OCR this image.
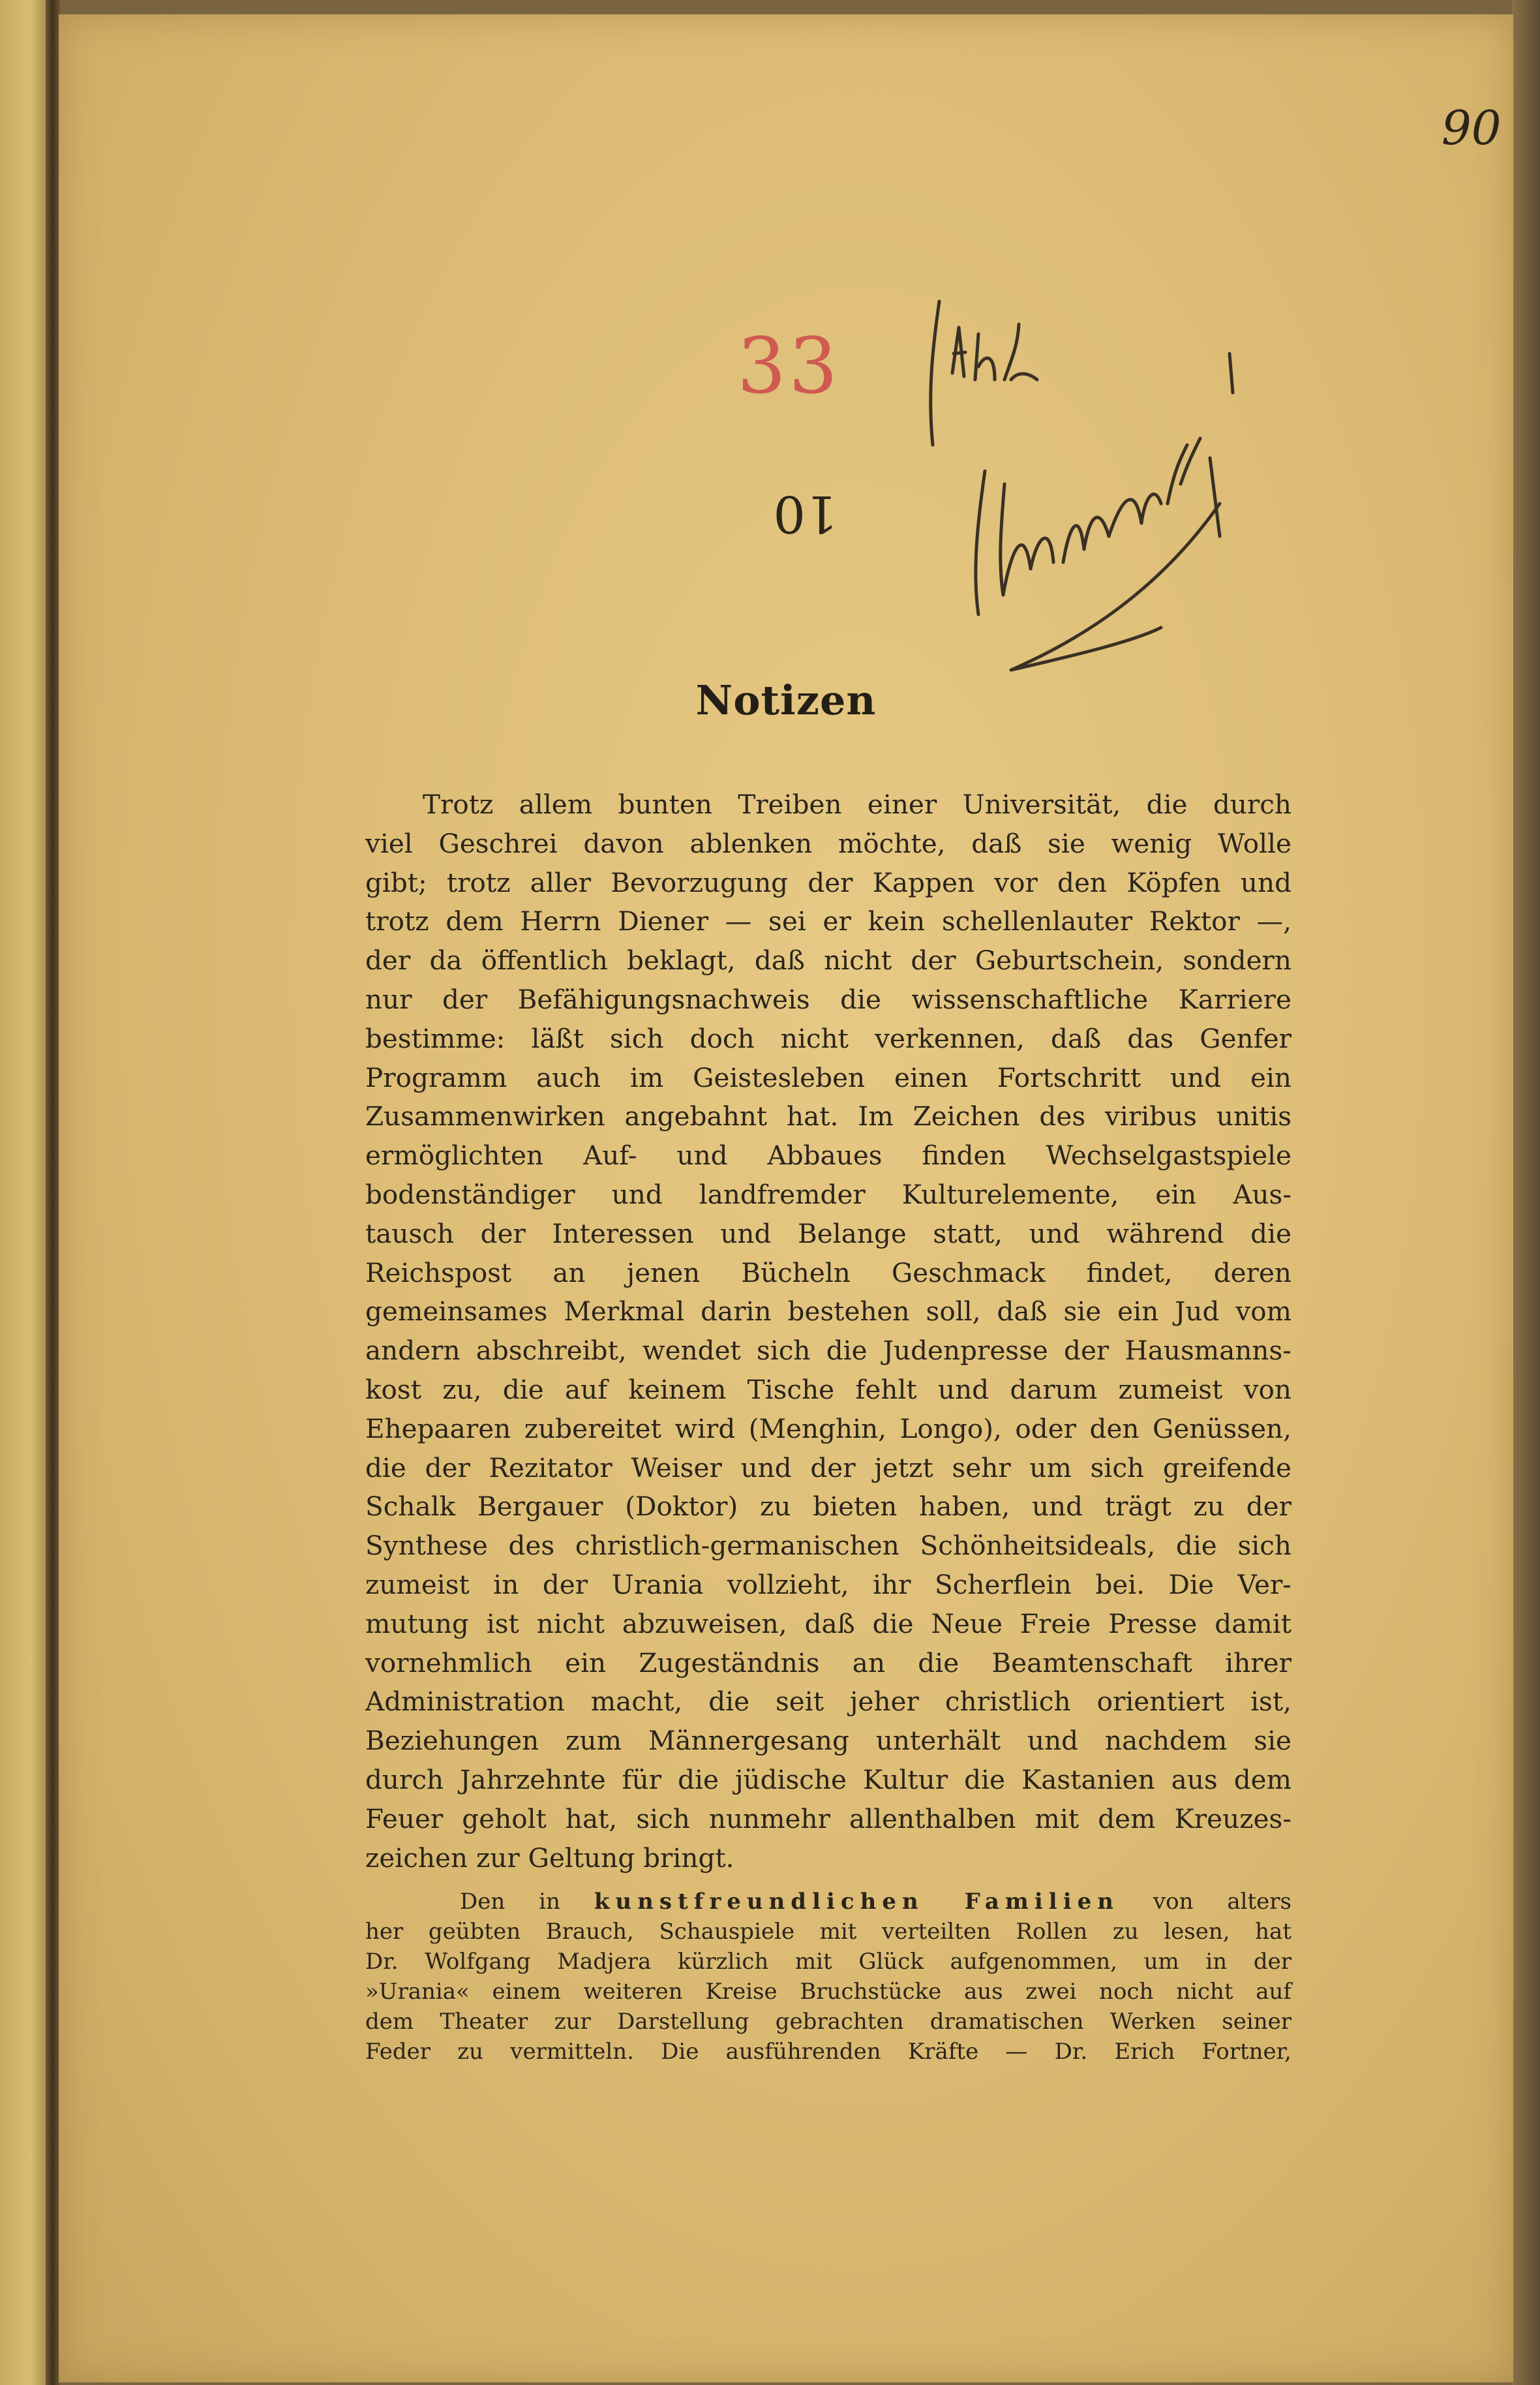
90
33
10
Notizen
Trotz allem bunten Treiben einer Universität, die durch
viel Geschrei davon ablenken möchte, daß sie wenig Wolle
gibt; trotz aller Bevorzugung der Kappen vor den Köpfen und
trotz dem Herrn Diener — sei er kein schellenlauter Rektor —,
der da öffentlich beklagt, daß nicht der Geburtschein, sondern
nur der Befähigungsnachweis die wissenschaftliche Karriere
bestimme: läßt sich doch nicht verkennen, daß das Genfer
Programm auch im Geistesleben einen Fortschritt und ein
Zusammenwirken angebahnt hat. Im Zeichen des viribus unitis
ermöglichten Auf- und Abbaues finden Wechselgastspiele
bodenständiger und landfremder Kulturelemente, ein Aus-
tausch der Interessen und Belange statt, und während die
Reichspost an jenen Bücheln Geschmack findet, deren
gemeinsames Merkmal darin bestehen soll, daß sie ein Jud vom
andern abschreibt, wendet sich die Judenpresse der Hausmanns-
kost zu, die auf keinem Tische fehlt und darum zumeist von
Ehepaaren zubereitet wird (Menghin, Longo), oder den Genüssen,
die der Rezitator Weiser und der jetzt sehr um sich greifende
Schalk Bergauer (Doktor) zu bieten haben, und trägt zu der
Synthese des christlich-germanischen Schönheitsideals, die sich
zumeist in der Urania vollzieht, ihr Scherflein bei. Die Ver-
mutung ist nicht abzuweisen, daß die Neue Freie Presse damit
vornehmlich ein Zugeständnis an die Beamtenschaft ihrer
Administration macht, die seit jeher christlich orientiert ist,
Beziehungen zum Männergesang unterhält und nachdem sie
durch Jahrzehnte für die jüdische Kultur die Kastanien aus dem
Feuer geholt hat, sich nunmehr allenthalben mit dem Kreuzes-
zeichen zur Geltung bringt.
Den in kunstfreundlichen Familien von alters
her geübten Brauch, Schauspiele mit verteilten Rollen zu lesen, hat
Dr. Wolfgang Madjera kürzlich mit Glück aufgenommen, um in der
»Urania« einem weiteren Kreise Bruchstücke aus zwei noch nicht auf
dem Theater zur Darstellung gebrachten dramatischen Werken seiner
Feder zu vermitteln. Die ausführenden Kräfte — Dr. Erich Fortner,
